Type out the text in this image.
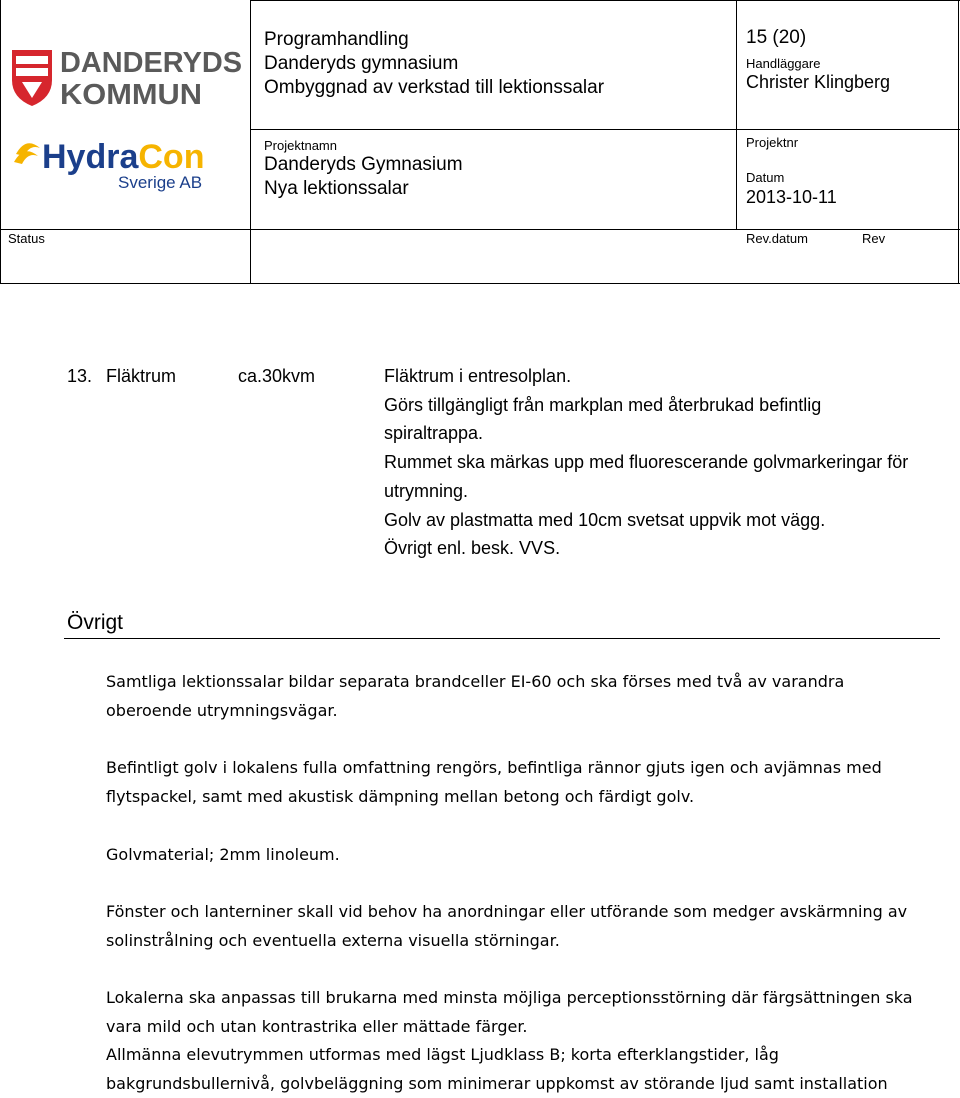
DANDERYDS
KOMMUN
HydraCon
Sverige AB
Programhandling
Danderyds gymnasium
Ombyggnad av verkstad till lektionssalar
15 (20)
Handläggare
Christer Klingberg
Projektnamn
Danderyds Gymnasium
Nya lektionssalar
Projektnr
Datum
2013-10-11
Status	Rev.datum	Rev
13. Fläktrum	ca.30kvm	Fläktrum i entresolplan.
Görs tillgängligt från markplan med återbrukad befintlig
spiraltrappa.
Rummet ska märkas upp med fluorescerande golvmarkeringar för
utrymning.
Golv av plastmatta med 10cm svetsat uppvik mot vägg.
Övrigt enl. besk. VVS.
Övrigt
Samtliga lektionssalar bildar separata brandceller EI-60 och ska förses med två av varandra
oberoende utrymningsvägar.
Befintligt golv i lokalens fulla omfattning rengörs, befintliga rännor gjuts igen och avjämnas med
flytspackel, samt med akustisk dämpning mellan betong och färdigt golv.
Golvmaterial; 2mm linoleum.
Fönster och lanterniner skall vid behov ha anordningar eller utförande som medger avskärmning av
solinstrålning och eventuella externa visuella störningar.
Lokalerna ska anpassas till brukarna med minsta möjliga perceptionsstörning där färgsättningen ska
vara mild och utan kontrastrika eller mättade färger.
Allmänna elevutrymmen utformas med lägst Ljudklass B; korta efterklangstider, låg
bakgrundsbullernivå, golvbeläggning som minimerar uppkomst av störande ljud samt installation
